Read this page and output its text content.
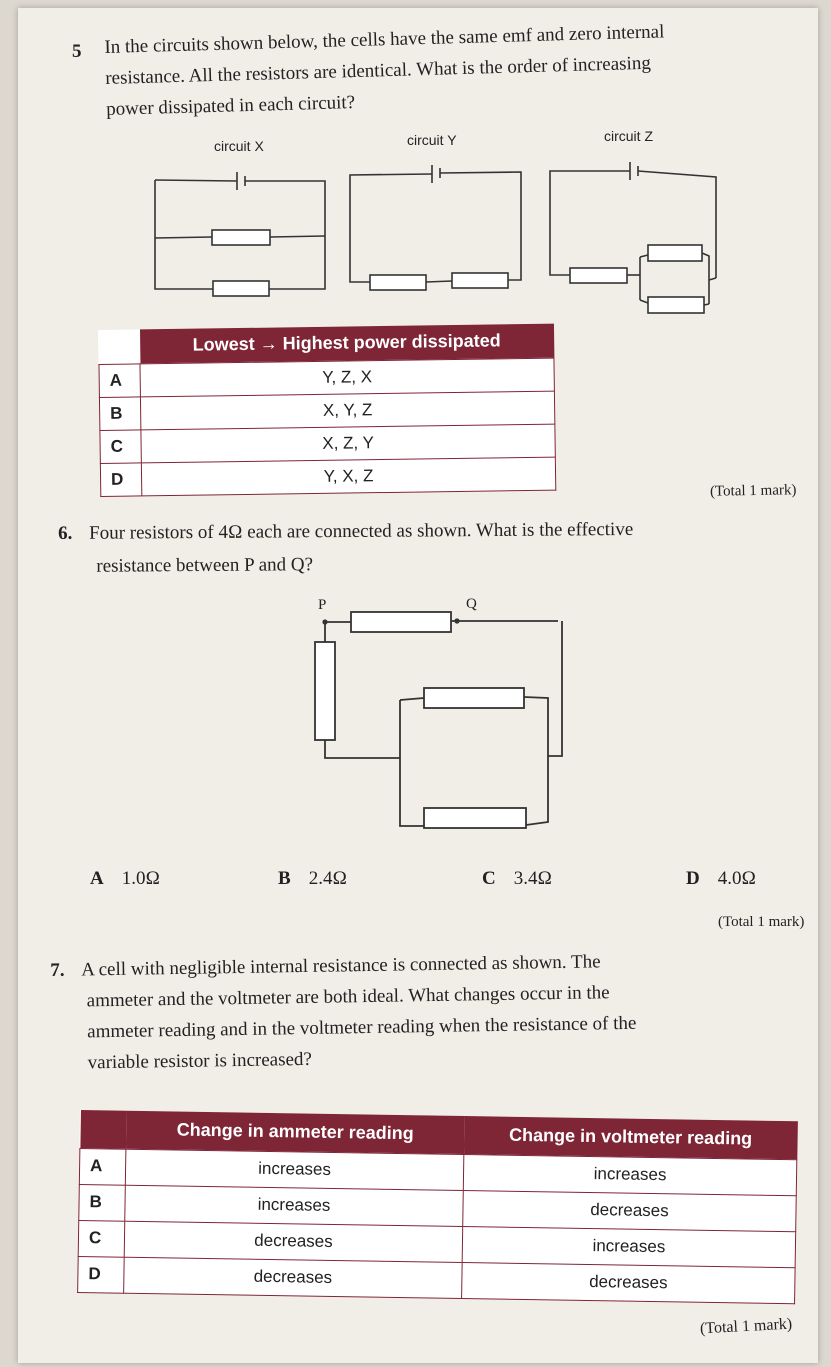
5 In the circuits shown below, the cells have the same emf and zero internal
resistance. All the resistors are identical. What is the order of increasing
power dissipated in each circuit?
circuit X	circuit Y	circuit Z
	Lowest → Highest power dissipated
A	Y, Z, X
B	X, Y, Z
C	X, Z, Y
D	Y, X, Z
(Total 1 mark)
6. Four resistors of 4Ω each are connected as shown. What is the effective
resistance between P and Q?
P	Q
A 1.0Ω	B 2.4Ω	C 3.4Ω	D 4.0Ω
(Total 1 mark)
7. A cell with negligible internal resistance is connected as shown. The
ammeter and the voltmeter are both ideal. What changes occur in the
ammeter reading and in the voltmeter reading when the resistance of the
variable resistor is increased?
	Change in ammeter reading	Change in voltmeter reading
A	increases	increases
B	increases	decreases
C	decreases	increases
D	decreases	decreases
(Total 1 mark)
